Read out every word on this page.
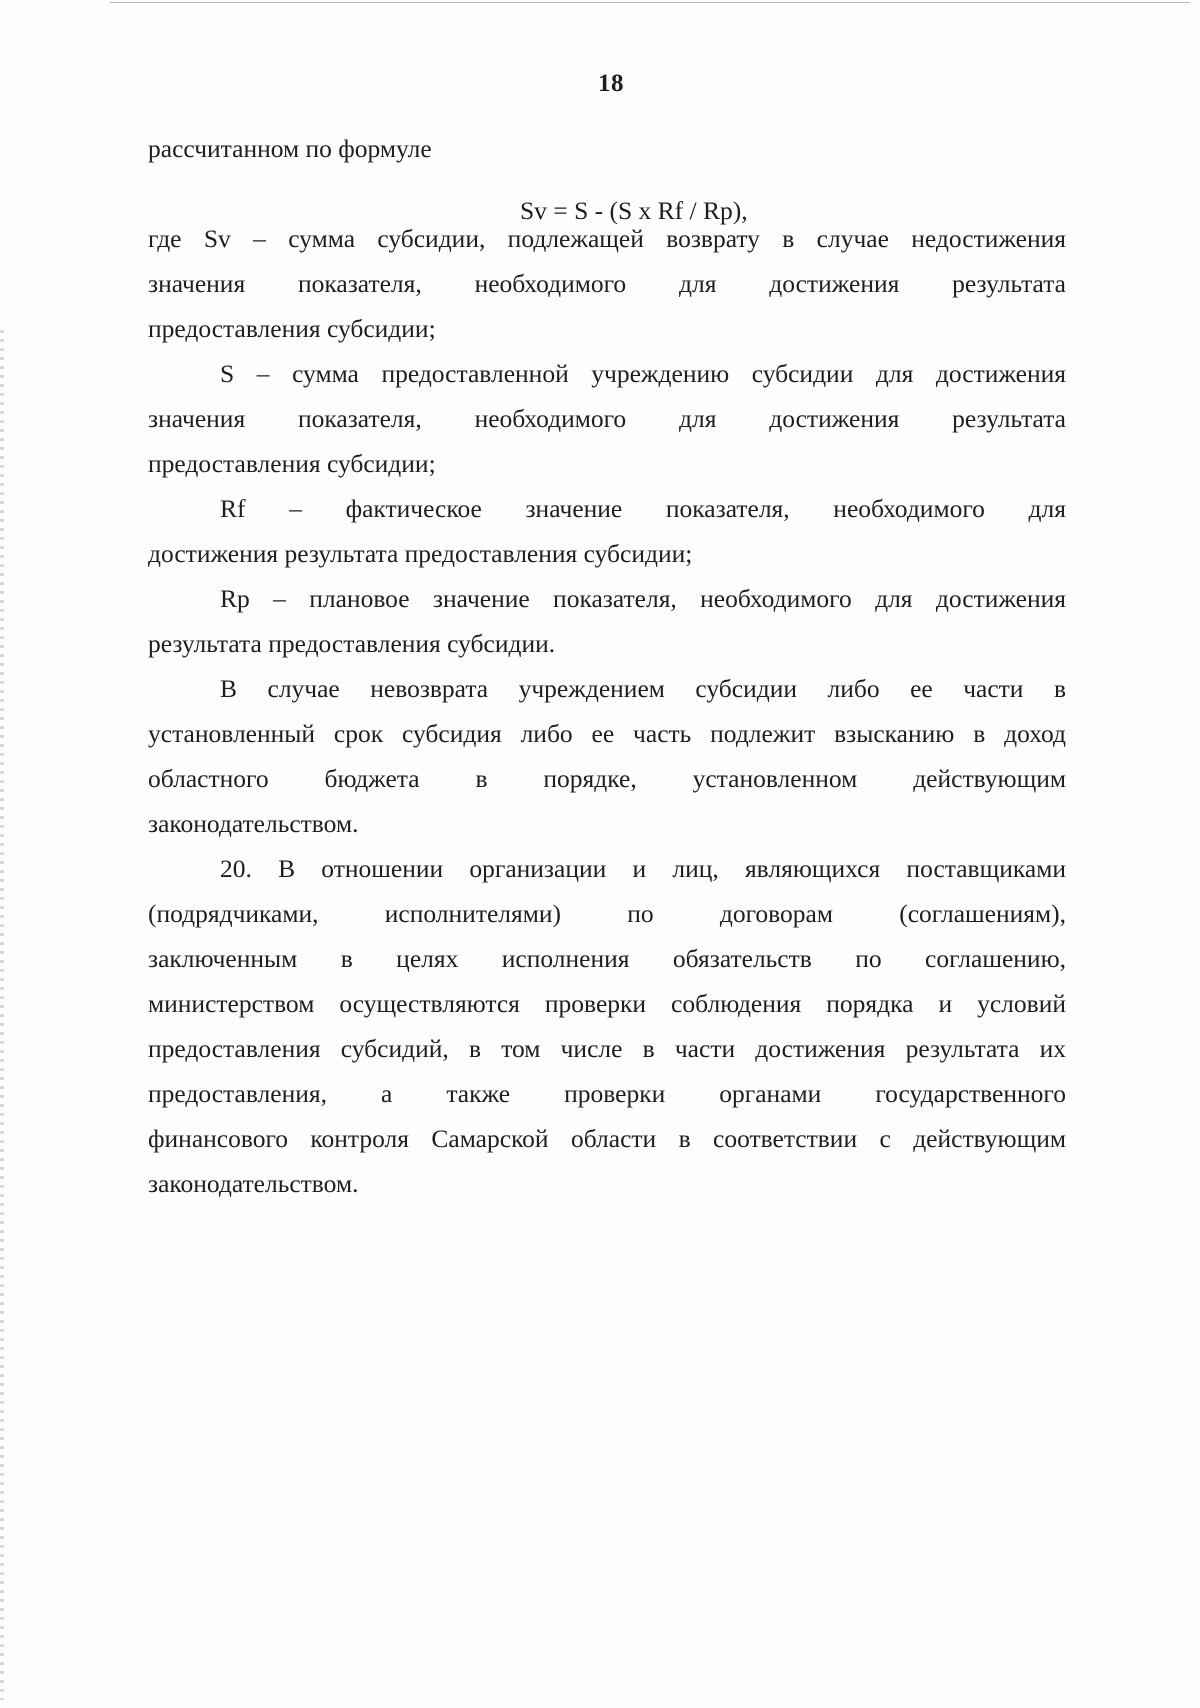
18
рассчитанном по формуле
Sv = S - (S x Rf / Rp),
где Sv – сумма субсидии, подлежащей возврату в случае недостижения
значения показателя, необходимого для достижения результата
предоставления субсидии;
S – сумма предоставленной учреждению субсидии для достижения
значения показателя, необходимого для достижения результата
предоставления субсидии;
Rf – фактическое значение показателя, необходимого для
достижения результата предоставления субсидии;
Rp – плановое значение показателя, необходимого для достижения
результата предоставления субсидии.
В случае невозврата учреждением субсидии либо ее части в
установленный срок субсидия либо ее часть подлежит взысканию в доход
областного бюджета в порядке, установленном действующим
законодательством.
20. В отношении организации и лиц, являющихся поставщиками
(подрядчиками, исполнителями) по договорам (соглашениям),
заключенным в целях исполнения обязательств по соглашению,
министерством осуществляются проверки соблюдения порядка и условий
предоставления субсидий, в том числе в части достижения результата их
предоставления, а также проверки органами государственного
финансового контроля Самарской области в соответствии с действующим
законодательством.
